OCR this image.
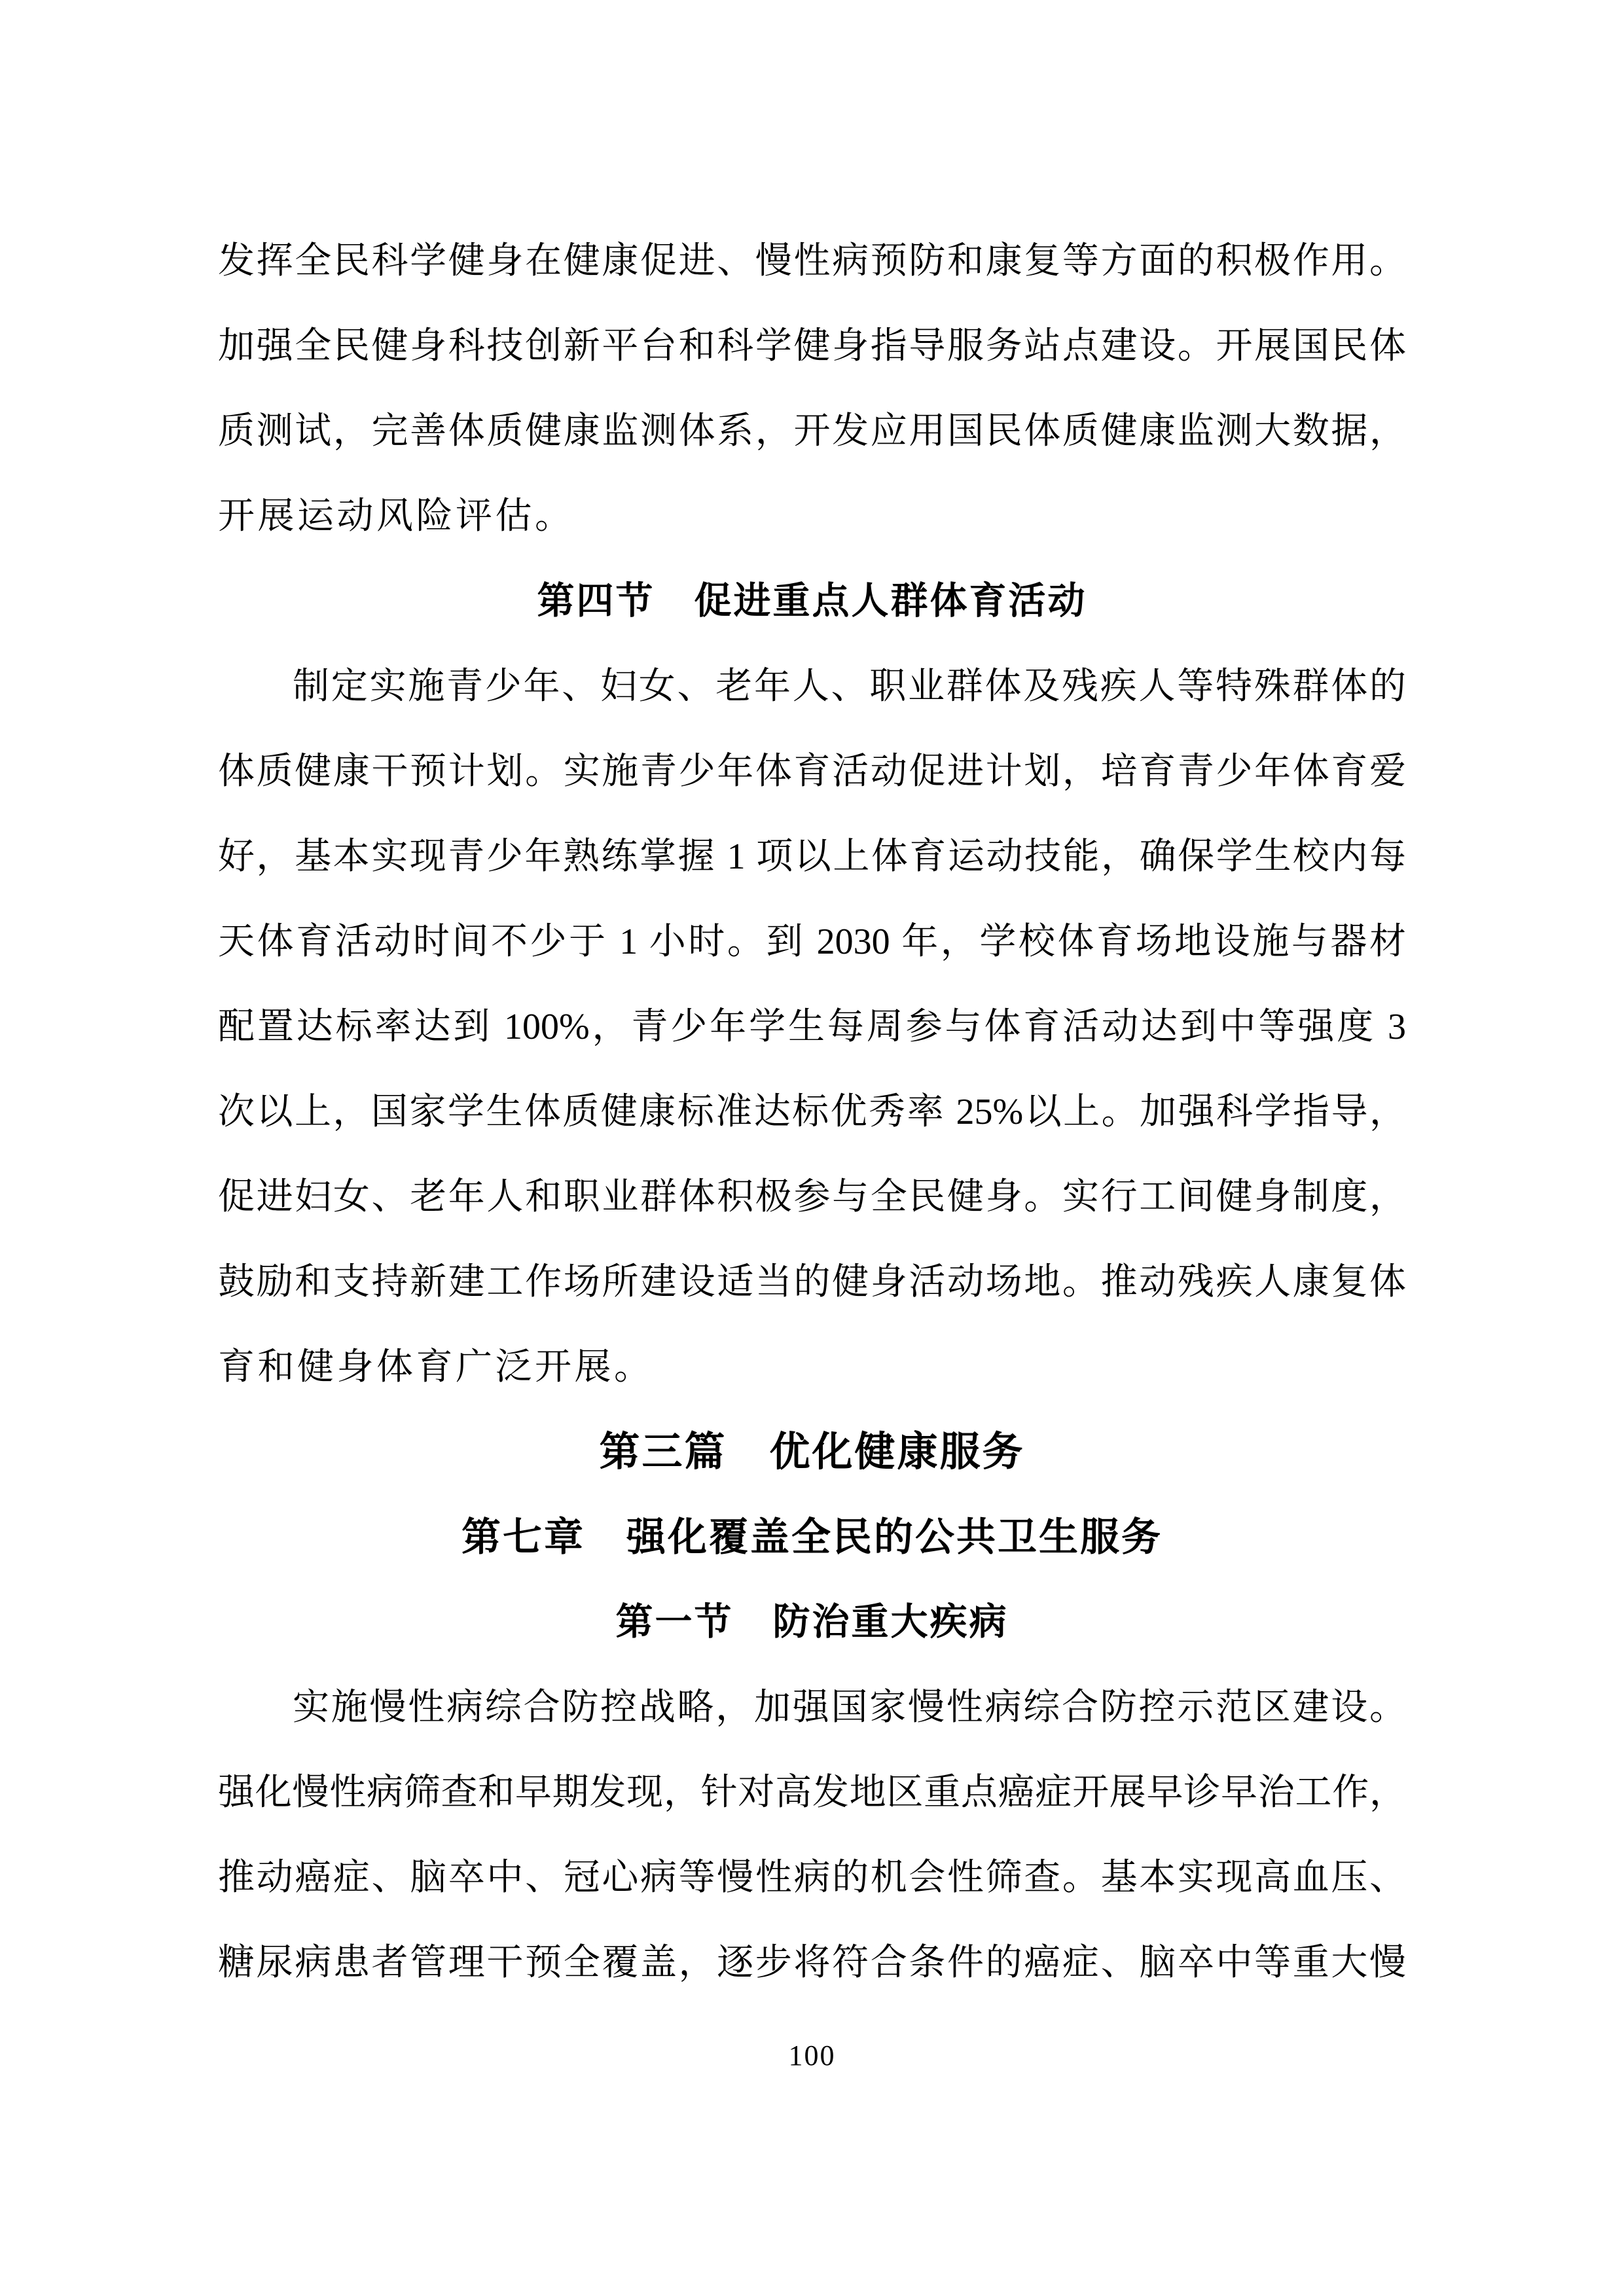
发挥全民科学健身在健康促进、慢性病预防和康复等方面的积极作用。
加强全民健身科技创新平台和科学健身指导服务站点建设。开展国民体
质测试，完善体质健康监测体系，开发应用国民体质健康监测大数据，
开展运动风险评估。
第四节　促进重点人群体育活动
制定实施青少年、妇女、老年人、职业群体及残疾人等特殊群体的
体质健康干预计划。实施青少年体育活动促进计划，培育青少年体育爱
好，基本实现青少年熟练掌握 1 项以上体育运动技能，确保学生校内每
天体育活动时间不少于 1 小时。到 2030 年，学校体育场地设施与器材
配置达标率达到 100%，青少年学生每周参与体育活动达到中等强度 3
次以上，国家学生体质健康标准达标优秀率 25%以上。加强科学指导，
促进妇女、老年人和职业群体积极参与全民健身。实行工间健身制度，
鼓励和支持新建工作场所建设适当的健身活动场地。推动残疾人康复体
育和健身体育广泛开展。
第三篇　优化健康服务
第七章　强化覆盖全民的公共卫生服务
第一节　防治重大疾病
实施慢性病综合防控战略，加强国家慢性病综合防控示范区建设。
强化慢性病筛查和早期发现，针对高发地区重点癌症开展早诊早治工作，
推动癌症、脑卒中、冠心病等慢性病的机会性筛查。基本实现高血压、
糖尿病患者管理干预全覆盖，逐步将符合条件的癌症、脑卒中等重大慢
100
